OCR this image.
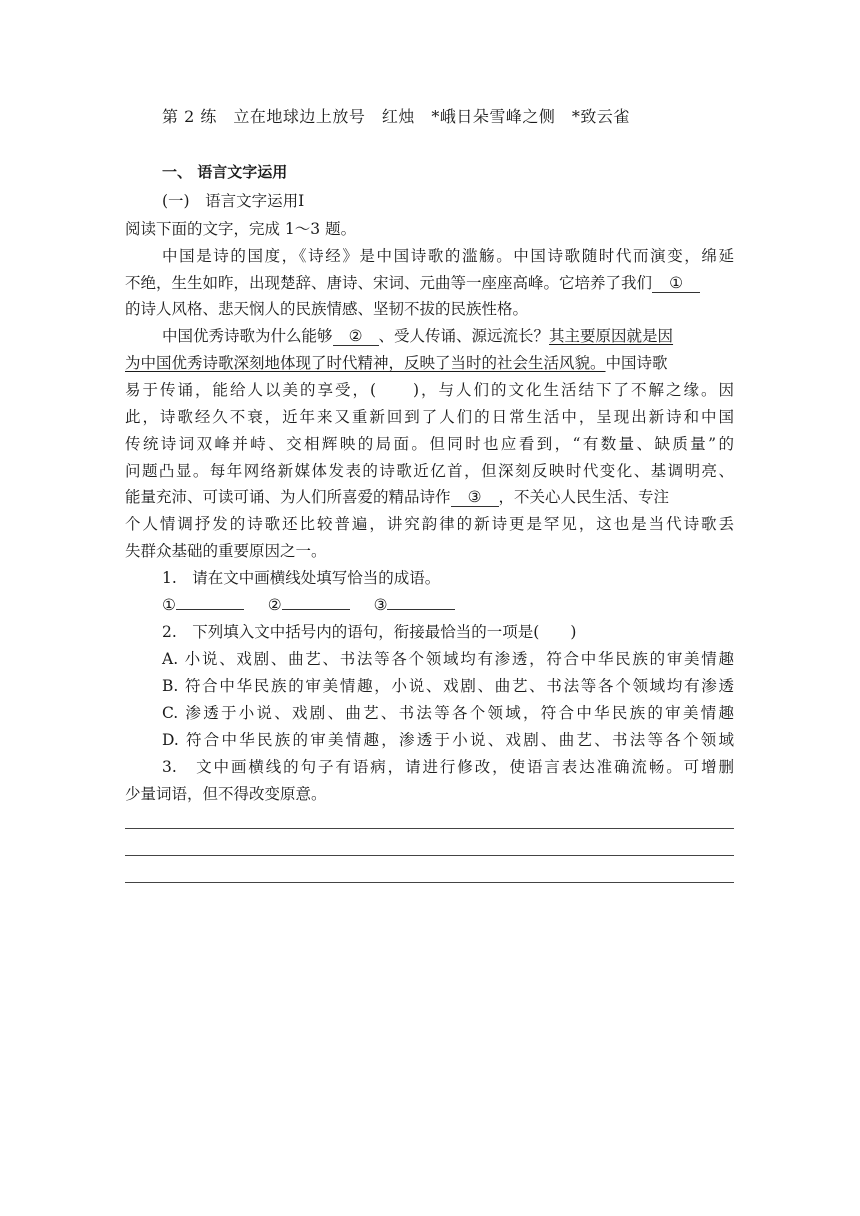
第 2 练　立在地球边上放号　红烛　*峨日朵雪峰之侧　*致云雀
一、 语言文字运用
(一)　语言文字运用Ⅰ
阅读下面的文字，完成 1～3 题。
中国是诗的国度，《诗经》是中国诗歌的滥觞。中国诗歌随时代而演变，绵延
不绝，生生如昨，出现楚辞、唐诗、宋词、元曲等一座座高峰。它培养了我们 ①
的诗人风格、悲天悯人的民族情感、坚韧不拔的民族性格。
中国优秀诗歌为什么能够 ② 、受人传诵、源远流长？其主要原因就是因
为中国优秀诗歌深刻地体现了时代精神，反映了当时的社会生活风貌。中国诗歌
易于传诵，能给人以美的享受，(　　)，与人们的文化生活结下了不解之缘。因
此，诗歌经久不衰，近年来又重新回到了人们的日常生活中，呈现出新诗和中国
传统诗词双峰并峙、交相辉映的局面。但同时也应看到，“有数量、缺质量”的
问题凸显。每年网络新媒体发表的诗歌近亿首，但深刻反映时代变化、基调明亮、
能量充沛、可读可诵、为人们所喜爱的精品诗作 ③ ，不关心人民生活、专注
个人情调抒发的诗歌还比较普遍，讲究韵律的新诗更是罕见，这也是当代诗歌丢
失群众基础的重要原因之一。
1.　请在文中画横线处填写恰当的成语。
①	②	③
2.　下列填入文中括号内的语句，衔接最恰当的一项是(　　)
A. 小说、戏剧、曲艺、书法等各个领域均有渗透，符合中华民族的审美情趣
B. 符合中华民族的审美情趣，小说、戏剧、曲艺、书法等各个领域均有渗透
C. 渗透于小说、戏剧、曲艺、书法等各个领域，符合中华民族的审美情趣
D. 符合中华民族的审美情趣，渗透于小说、戏剧、曲艺、书法等各个领域
3.　文中画横线的句子有语病，请进行修改，使语言表达准确流畅。可增删
少量词语，但不得改变原意。
